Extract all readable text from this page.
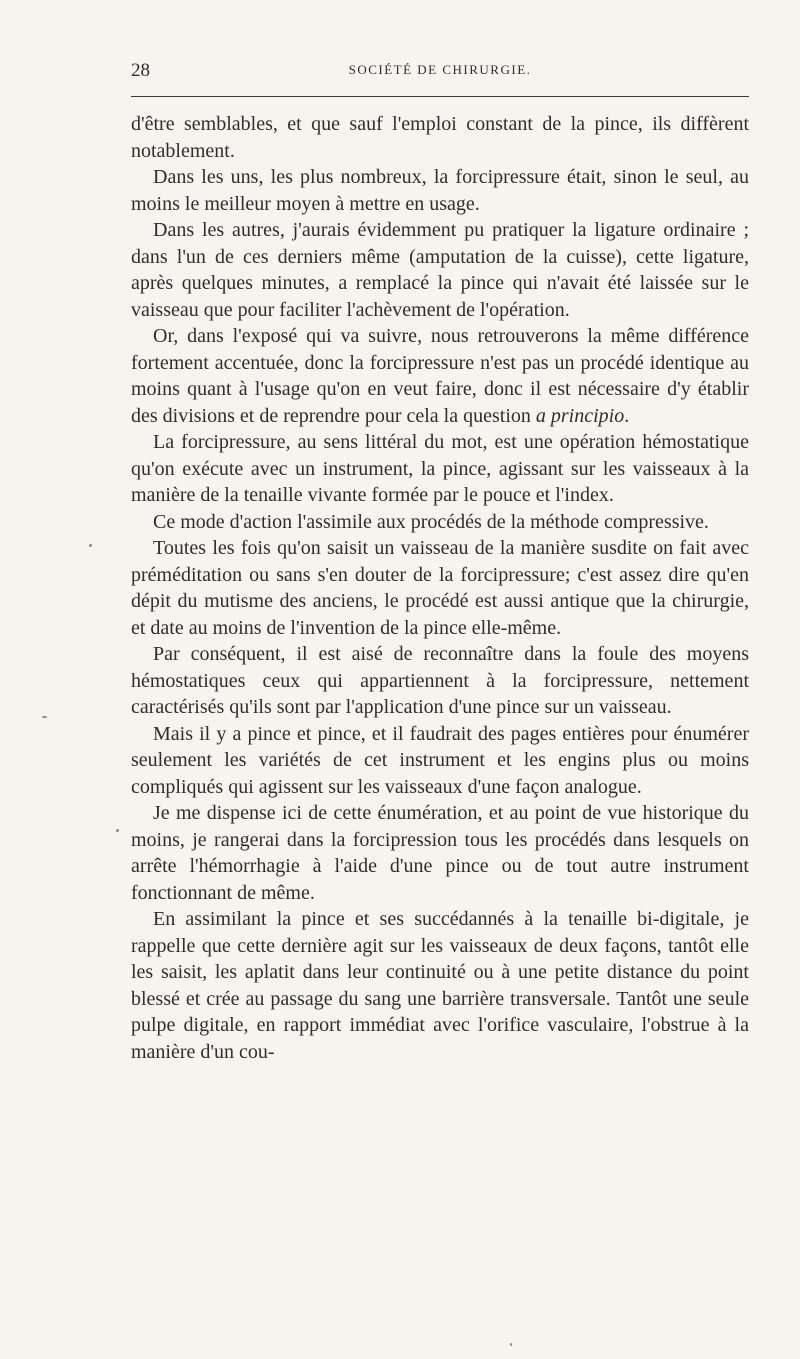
28	SOCIÉTÉ DE CHIRURGIE.

d'être semblables, et que sauf l'emploi constant de la pince, ils diffèrent notablement.

Dans les uns, les plus nombreux, la forcipressure était, sinon le seul, au moins le meilleur moyen à mettre en usage.

Dans les autres, j'aurais évidemment pu pratiquer la ligature ordinaire ; dans l'un de ces derniers même (amputation de la cuisse), cette ligature, après quelques minutes, a remplacé la pince qui n'avait été laissée sur le vaisseau que pour faciliter l'achèvement de l'opération.

Or, dans l'exposé qui va suivre, nous retrouverons la même différence fortement accentuée, donc la forcipressure n'est pas un procédé identique au moins quant à l'usage qu'on en veut faire, donc il est nécessaire d'y établir des divisions et de reprendre pour cela la question a principio.

La forcipressure, au sens littéral du mot, est une opération hémostatique qu'on exécute avec un instrument, la pince, agissant sur les vaisseaux à la manière de la tenaille vivante formée par le pouce et l'index.

Ce mode d'action l'assimile aux procédés de la méthode compressive.

Toutes les fois qu'on saisit un vaisseau de la manière susdite on fait avec préméditation ou sans s'en douter de la forcipressure; c'est assez dire qu'en dépit du mutisme des anciens, le procédé est aussi antique que la chirurgie, et date au moins de l'invention de la pince elle-même.

Par conséquent, il est aisé de reconnaître dans la foule des moyens hémostatiques ceux qui appartiennent à la forcipressure, nettement caractérisés qu'ils sont par l'application d'une pince sur un vaisseau.

Mais il y a pince et pince, et il faudrait des pages entières pour énumérer seulement les variétés de cet instrument et les engins plus ou moins compliqués qui agissent sur les vaisseaux d'une façon analogue.

Je me dispense ici de cette énumération, et au point de vue historique du moins, je rangerai dans la forcipression tous les procédés dans lesquels on arrête l'hémorrhagie à l'aide d'une pince ou de tout autre instrument fonctionnant de même.

En assimilant la pince et ses succédannés à la tenaille bi-digitale, je rappelle que cette dernière agit sur les vaisseaux de deux façons, tantôt elle les saisit, les aplatit dans leur continuité ou à une petite distance du point blessé et crée au passage du sang une barrière transversale. Tantôt une seule pulpe digitale, en rapport immédiat avec l'orifice vasculaire, l'obstrue à la manière d'un cou-
